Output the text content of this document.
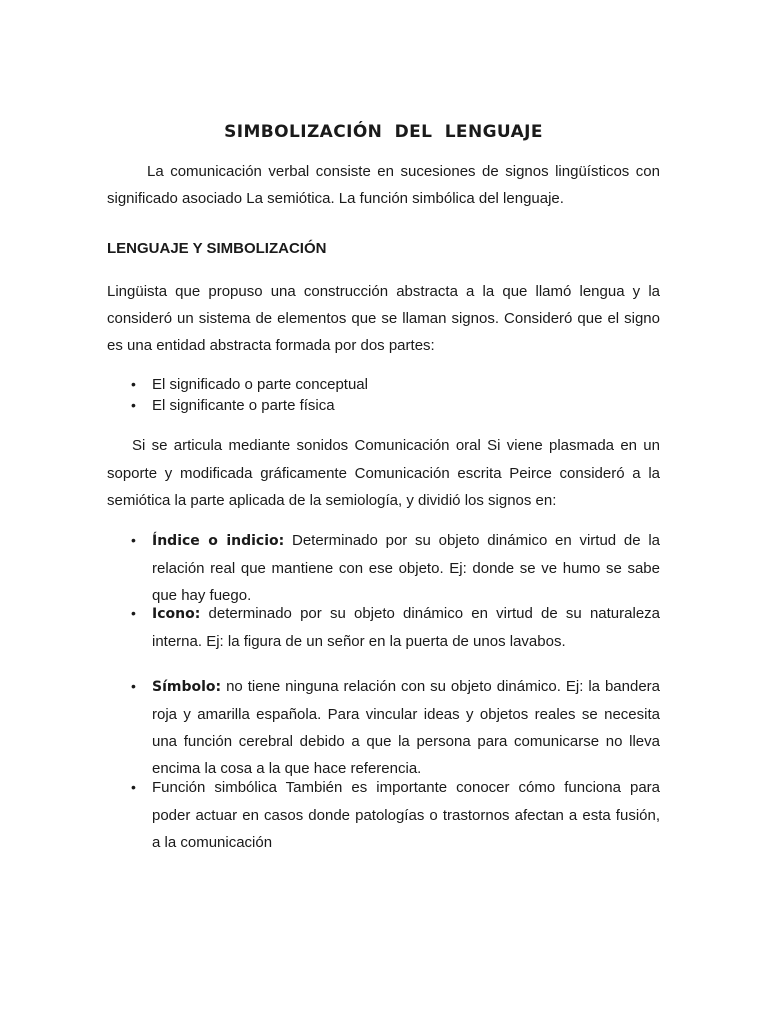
SIMBOLIZACIÓN DEL LENGUAJE
La comunicación verbal consiste en sucesiones de signos lingüísticos con significado asociado La semiótica. La función simbólica del lenguaje.
LENGUAJE Y SIMBOLIZACIÓN
Lingüista que propuso una construcción abstracta a la que llamó lengua y la consideró un sistema de elementos que se llaman signos. Consideró que el signo es una entidad abstracta formada por dos partes:
• El significado o parte conceptual
• El significante o parte física
Si se articula mediante sonidos Comunicación oral Si viene plasmada en un soporte y modificada gráficamente Comunicación escrita Peirce consideró a la semiótica la parte aplicada de la semiología, y dividió los signos en:
• Índice o indicio: Determinado por su objeto dinámico en virtud de la relación real que mantiene con ese objeto. Ej: donde se ve humo se sabe que hay fuego.
• Icono: determinado por su objeto dinámico en virtud de su naturaleza interna. Ej: la figura de un señor en la puerta de unos lavabos.
• Símbolo: no tiene ninguna relación con su objeto dinámico. Ej: la bandera roja y amarilla española. Para vincular ideas y objetos reales se necesita una función cerebral debido a que la persona para comunicarse no lleva encima la cosa a la que hace referencia.
• Función simbólica También es importante conocer cómo funciona para poder actuar en casos donde patologías o trastornos afectan a esta fusión, a la comunicación
